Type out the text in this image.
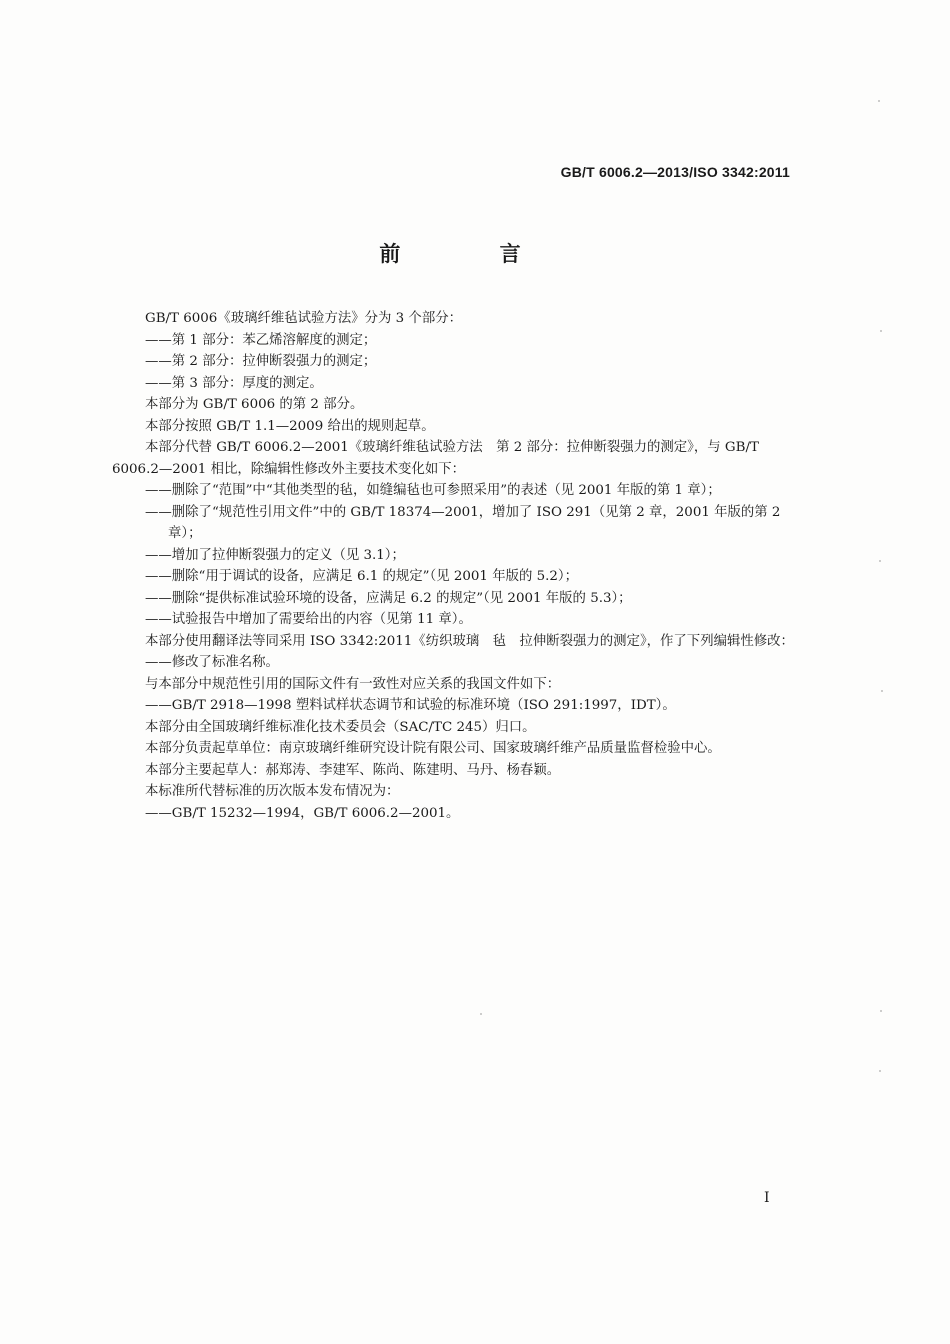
GB/T 6006.2—2013/ISO 3342:2011
前 言

GB/T 6006《玻璃纤维毡试验方法》分为 3 个部分：

——第 1 部分：苯乙烯溶解度的测定；

——第 2 部分：拉伸断裂强力的测定；

——第 3 部分：厚度的测定。

本部分为 GB/T 6006 的第 2 部分。

本部分按照 GB/T 1.1—2009 给出的规则起草。

本部分代替 GB/T 6006.2—2001《玻璃纤维毡试验方法　第 2 部分：拉伸断裂强力的测定》，与 GB/T 6006.2—2001 相比，除编辑性修改外主要技术变化如下：

——删除了“范围”中“其他类型的毡，如缝编毡也可参照采用”的表述（见 2001 年版的第 1 章）；

——删除了“规范性引用文件”中的 GB/T 18374—2001，增加了 ISO 291（见第 2 章，2001 年版的第 2 章）；

——增加了拉伸断裂强力的定义（见 3.1）；

——删除“用于调试的设备，应满足 6.1 的规定”（见 2001 年版的 5.2）；

——删除“提供标准试验环境的设备，应满足 6.2 的规定”（见 2001 年版的 5.3）；

——试验报告中增加了需要给出的内容（见第 11 章）。

本部分使用翻译法等同采用 ISO 3342:2011《纺织玻璃　毡　拉伸断裂强力的测定》，作了下列编辑性修改：

——修改了标准名称。

与本部分中规范性引用的国际文件有一致性对应关系的我国文件如下：

——GB/T 2918—1998 塑料试样状态调节和试验的标准环境（ISO 291:1997，IDT）。

本部分由全国玻璃纤维标准化技术委员会（SAC/TC 245）归口。

本部分负责起草单位：南京玻璃纤维研究设计院有限公司、国家玻璃纤维产品质量监督检验中心。

本部分主要起草人：郝郑涛、李建军、陈尚、陈建明、马丹、杨春颖。

本标准所代替标准的历次版本发布情况为：

——GB/T 15232—1994，GB/T 6006.2—2001。

I
